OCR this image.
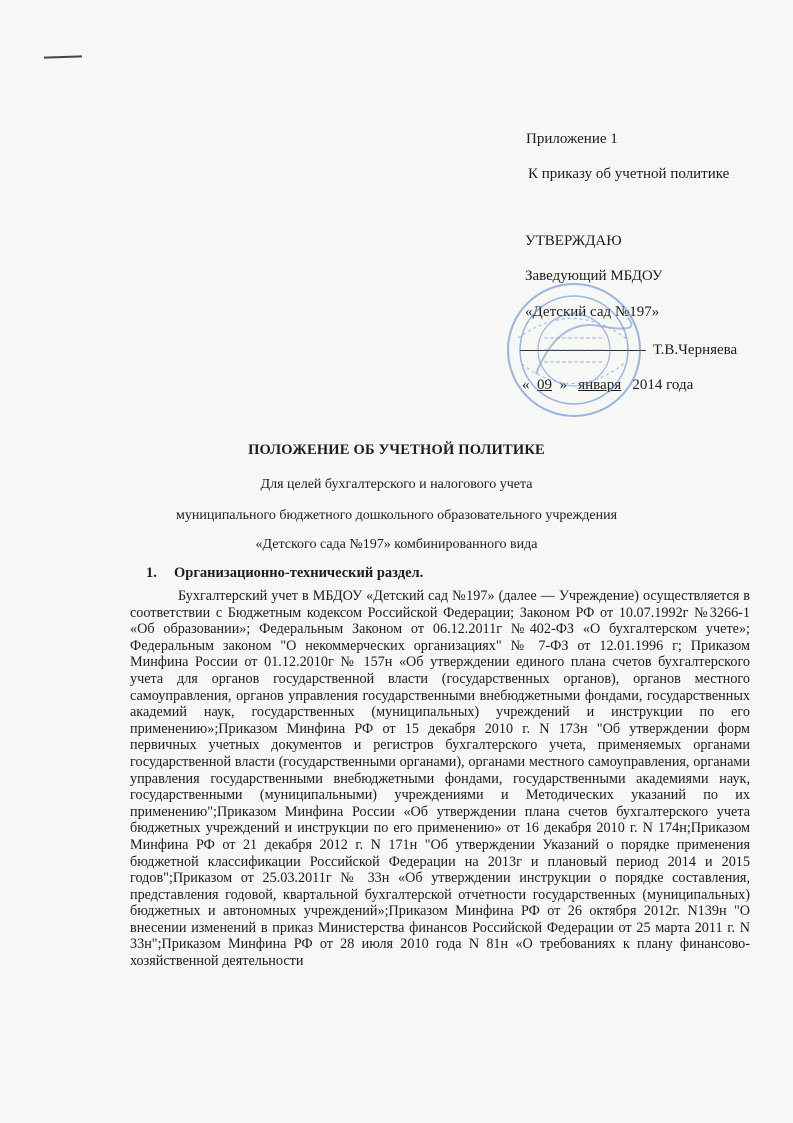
Приложение 1
К приказу об учетной политике
УТВЕРЖДАЮ
Заведующий МБДОУ
«Детский сад №197»
Т.В.Черняева
« 09 » января 2014 года
ПОЛОЖЕНИЕ ОБ УЧЕТНОЙ ПОЛИТИКЕ
Для целей бухгалтерского и налогового учета
муниципального бюджетного дошкольного образовательного учреждения
«Детского сада №197» комбинированного вида
1. Организационно-технический раздел.
Бухгалтерский учет в МБДОУ «Детский сад №197» (далее — Учреждение) осуществляется в соответствии с Бюджетным кодексом Российской Федерации; Законом РФ от 10.07.1992г №3266-1 «Об образовании»; Федеральным Законом от 06.12.2011г №402-ФЗ «О бухгалтерском учете»; Федеральным законом "О некоммерческих организациях" № 7-ФЗ от 12.01.1996 г; Приказом Минфина России от 01.12.2010г № 157н «Об утверждении единого плана счетов бухгалтерского учета для органов государственной власти (государственных органов), органов местного самоуправления, органов управления государственными внебюджетными фондами, государственных академий наук, государственных (муниципальных) учреждений и инструкции по его применению»;Приказом Минфина РФ от 15 декабря 2010 г. N 173н "Об утверждении форм первичных учетных документов и регистров бухгалтерского учета, применяемых органами государственной власти (государственными органами), органами местного самоуправления, органами управления государственными внебюджетными фондами, государственными академиями наук, государственными (муниципальными) учреждениями и Методических указаний по их применению";Приказом Минфина России «Об утверждении плана счетов бухгалтерского учета бюджетных учреждений и инструкции по его применению» от 16 декабря 2010 г. N 174н;Приказом Минфина РФ от 21 декабря 2012 г. N 171н "Об утверждении Указаний о порядке применения бюджетной классификации Российской Федерации на 2013г и плановый период 2014 и 2015 годов";Приказом от 25.03.2011г № 33н «Об утверждении инструкции о порядке составления, представления годовой, квартальной бухгалтерской отчетности государственных (муниципальных) бюджетных и автономных учреждений»;Приказом Минфина РФ от 26 октября 2012г. N139н "О внесении изменений в приказ Министерства финансов Российской Федерации от 25 марта 2011 г. N 33н";Приказом Минфина РФ от 28 июля 2010 года N 81н «О требованиях к плану финансово-хозяйственной деятельности
